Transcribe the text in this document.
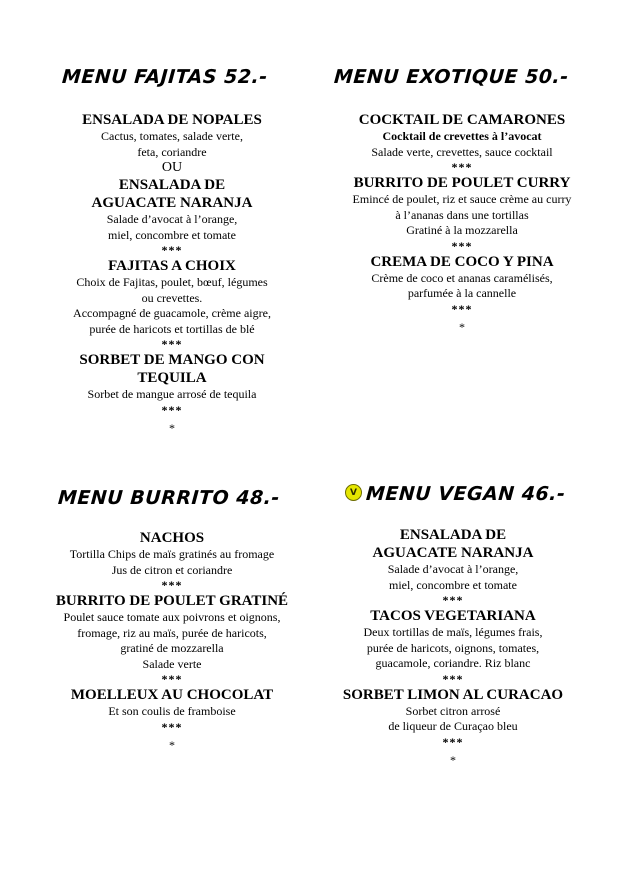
MENU FAJITAS 52.-	MENU EXOTIQUE 50.-
MENU BURRITO 48.-	V MENU VEGAN 46.-
ENSALADA DE NOPALES
Cactus, tomates, salade verte,
feta, coriandre
OU
ENSALADA DE
AGUACATE NARANJA
Salade d’avocat à l’orange,
miel, concombre et tomate
***
FAJITAS A CHOIX
Choix de Fajitas, poulet, bœuf, légumes
ou crevettes.
Accompagné de guacamole, crème aigre,
purée de haricots et tortillas de blé
***
SORBET DE MANGO CON
TEQUILA
Sorbet de mangue arrosé de tequila
***
*
COCKTAIL DE CAMARONES
Cocktail de crevettes à l’avocat
Salade verte, crevettes, sauce cocktail
***
BURRITO DE POULET CURRY
Emincé de poulet, riz et sauce crème au curry
à l’ananas dans une tortillas
Gratiné à la mozzarella
***
CREMA DE COCO Y PINA
Crème de coco et ananas caramélisés,
parfumée à la cannelle
***
*
NACHOS
Tortilla Chips de maïs gratinés au fromage
Jus de citron et coriandre
***
BURRITO DE POULET GRATINÉ
Poulet sauce tomate aux poivrons et oignons,
fromage, riz au maïs, purée de haricots,
gratiné de mozzarella
Salade verte
***
MOELLEUX AU CHOCOLAT
Et son coulis de framboise
***
*
ENSALADA DE
AGUACATE NARANJA
Salade d’avocat à l’orange,
miel, concombre et tomate
***
TACOS VEGETARIANA
Deux tortillas de maïs, légumes frais,
purée de haricots, oignons, tomates,
guacamole, coriandre. Riz blanc
***
SORBET LIMON AL CURACAO
Sorbet citron arrosé
de liqueur de Curaçao bleu
***
*
